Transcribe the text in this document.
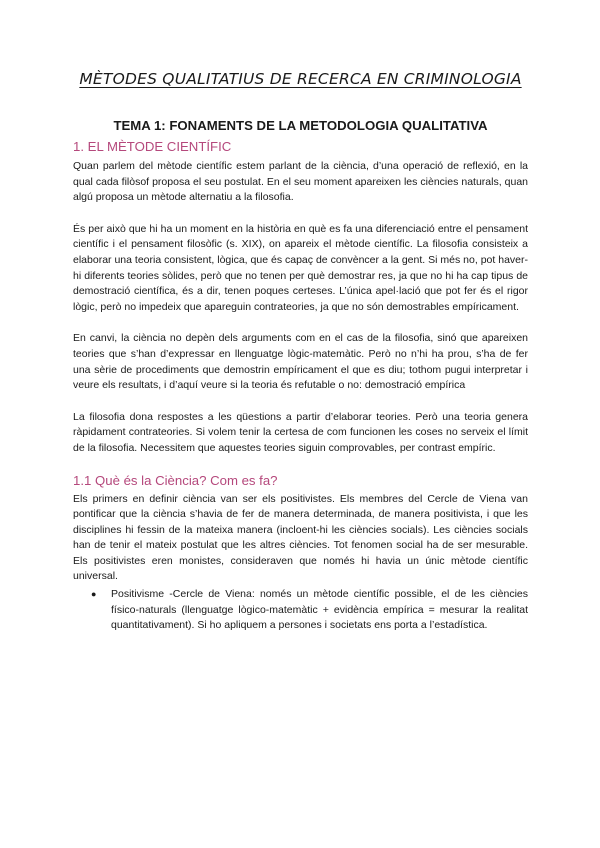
MÈTODES QUALITATIUS DE RECERCA EN CRIMINOLOGIA
TEMA 1: FONAMENTS DE LA METODOLOGIA QUALITATIVA
1. EL MÈTODE CIENTÍFIC

Quan parlem del mètode científic estem parlant de la ciència, d’una operació de reflexió, en la qual cada filòsof proposa el seu postulat. En el seu moment apareixen les ciències naturals, quan algú proposa un mètode alternatiu a la filosofia.

És per això que hi ha un moment en la història en què es fa una diferenciació entre el pensament científic i el pensament filosòfic (s. XIX), on apareix el mètode científic. La filosofia consisteix a elaborar una teoria consistent, lògica, que és capaç de convèncer a la gent. Si més no, pot haver-hi diferents teories sòlides, però que no tenen per què demostrar res, ja que no hi ha cap tipus de demostració científica, és a dir, tenen poques certeses. L’única apel·lació que pot fer és el rigor lògic, però no impedeix que apareguin contrateories, ja que no són demostrables empíricament.

En canvi, la ciència no depèn dels arguments com en el cas de la filosofia, sinó que apareixen teories que s’han d’expressar en llenguatge lògic-matemàtic. Però no n’hi ha prou, s’ha de fer una sèrie de procediments que demostrin empíricament el que es diu; tothom pugui interpretar i veure els resultats, i d’aquí veure si la teoria és refutable o no: demostració empírica

La filosofia dona respostes a les qüestions a partir d’elaborar teories. Però una teoria genera ràpidament contrateories. Si volem tenir la certesa de com funcionen les coses no serveix el límit de la filosofia. Necessitem que aquestes teories siguin comprovables, per contrast empíric.

1.1 Què és la Ciència? Com es fa?

Els primers en definir ciència van ser els positivistes. Els membres del Cercle de Viena van pontificar que la ciència s’havia de fer de manera determinada, de manera positivista, i que les disciplines hi fessin de la mateixa manera (incloent-hi les ciències socials). Les ciències socials han de tenir el mateix postulat que les altres ciències. Tot fenomen social ha de ser mesurable. Els positivistes eren monistes, consideraven que només hi havia un únic mètode científic universal.

● Positivisme -Cercle de Viena: només un mètode científic possible, el de les ciències físico-naturals (llenguatge lògico-matemàtic + evidència empírica = mesurar la realitat quantitativament). Si ho apliquem a persones i societats ens porta a l’estadística.
